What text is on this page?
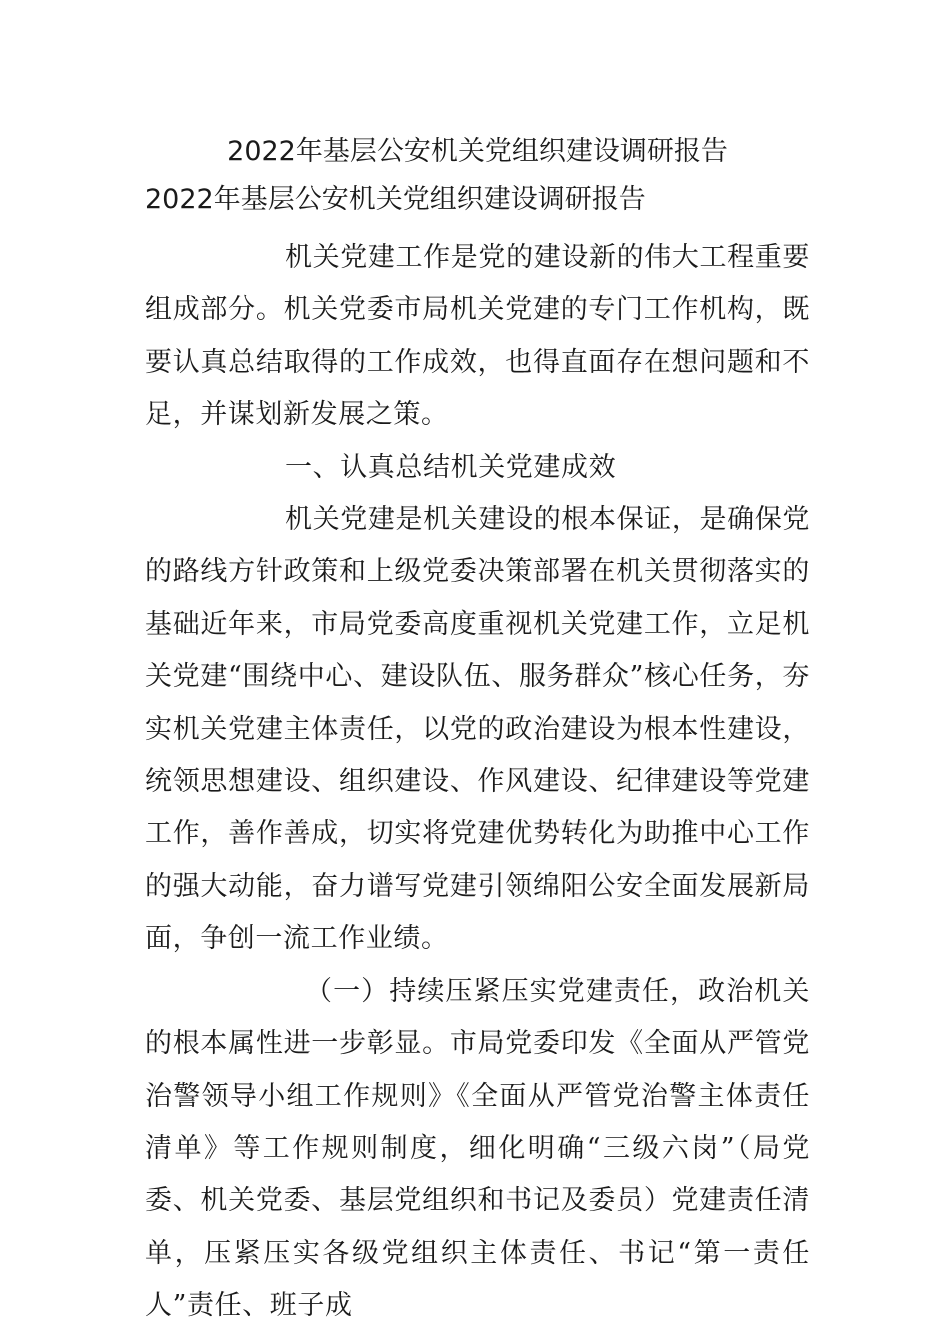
2022年基层公安机关党组织建设调研报告
2022年基层公安机关党组织建设调研报告

机关党建工作是党的建设新的伟大工程重要组成部分。机关党委市局机关党建的专门工作机构，既要认真总结取得的工作成效，也得直面存在想问题和不足，并谋划新发展之策。

一、认真总结机关党建成效

机关党建是机关建设的根本保证，是确保党的路线方针政策和上级党委决策部署在机关贯彻落实的基础近年来，市局党委高度重视机关党建工作，立足机关党建“围绕中心、建设队伍、服务群众”核心任务，夯实机关党建主体责任，以党的政治建设为根本性建设，统领思想建设、组织建设、作风建设、纪律建设等党建工作，善作善成，切实将党建优势转化为助推中心工作的强大动能，奋力谱写党建引领绵阳公安全面发展新局面，争创一流工作业绩。

（一）持续压紧压实党建责任，政治机关的根本属性进一步彰显。市局党委印发《全面从严管党治警领导小组工作规则》《全面从严管党治警主体责任清单》等工作规则制度，细化明确“三级六岗”（局党委、机关党委、基层党组织和书记及委员）党建责任清单，压紧压实各级党组织主体责任、书记“第一责任人”责任、班子成
